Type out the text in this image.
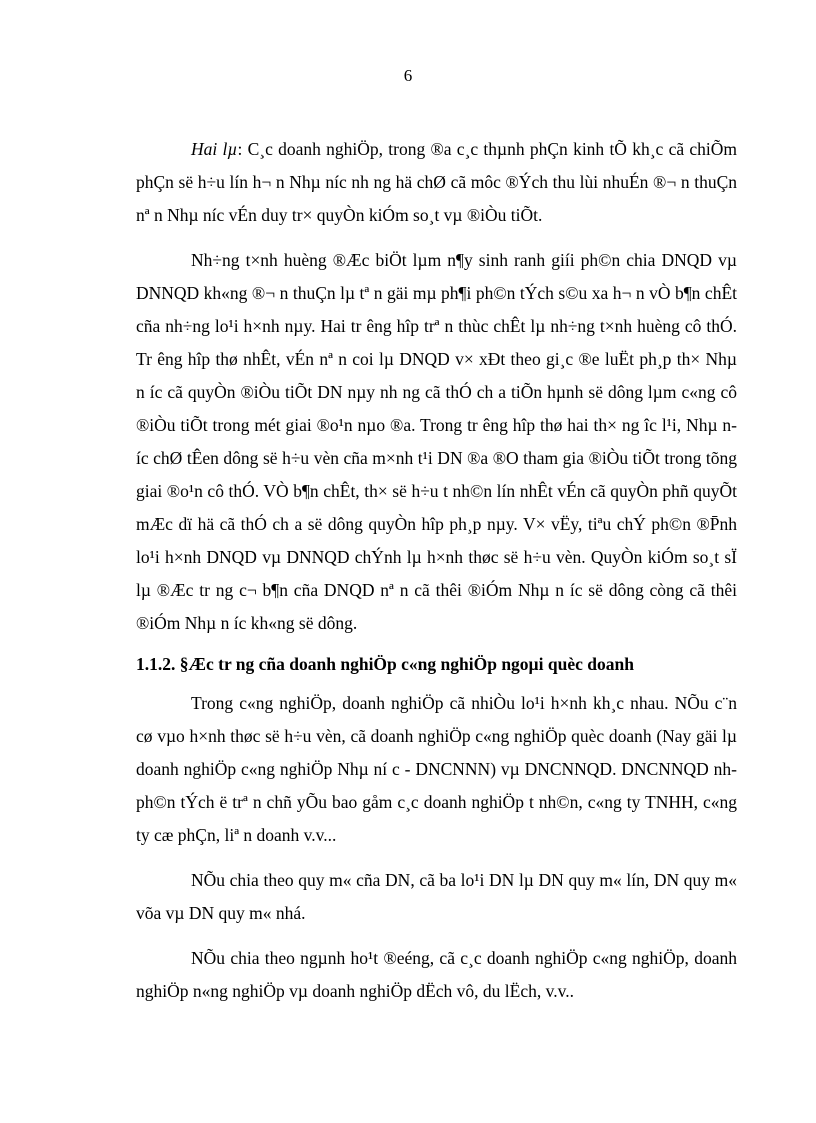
6

Hai lµ: C¸c doanh nghiÖp, trong ®a c¸c thµnh phÇn kinh tÕ kh¸c cã chiÕm phÇn së h÷u lín h¬ n Nhµ níc nh ng hä chØ cã môc ®Ých thu lùi nhuÉn ®¬ n thuÇn nª n Nhµ níc vÉn duy tr× quyÒn kiÓm so¸t vµ ®iÒu tiÕt.

Nh÷ng t×nh huèng ®Æc biÖt lµm n¶y sinh ranh giíi ph©n chia DNQD vµ DNNQD kh«ng ®¬ n thuÇn lµ tª n gäi mµ ph¶i ph©n tÝch s©u xa h¬ n vÒ b¶n chÊt cña nh÷ng lo¹i h×nh nµy. Hai tr êng hîp trª n thùc chÊt lµ nh÷ng t×nh huèng cô thÓ. Tr êng hîp thø nhÊt, vÉn nª n coi lµ DNQD v× xÐt theo gi¸c ®e luËt ph¸p th× Nhµ n íc cã quyÒn ®iÒu tiÕt DN nµy nh ng cã thÓ ch a tiÕn hµnh së dông lµm c«ng cô ®iÒu tiÕt trong mét giai ®o¹n nµo ®a. Trong tr êng hîp thø hai th× ng îc l¹i, Nhµ n íc chØ tÊen dông së h÷u vèn cña m×nh t¹i DN ®a ®O tham gia ®iÒu tiÕt trong tõng giai ®o¹n cô thÓ. VÒ b¶n chÊt, th× së h÷u t nh©n lín nhÊt vÉn cã quyÒn phñ quyÕt mÆc dï hä cã thÓ ch a së dông quyÒn hîp ph¸p nµy. V× vËy, tiªu chÝ ph©n ®P̄nh lo¹i h×nh DNQD vµ DNNQD chÝnh lµ h×nh thøc së h÷u vèn. QuyÒn kiÓm so¸t sÏ lµ ®Æc tr ng c¬ b¶n cña DNQD nª n cã thêi ®iÓm Nhµ n íc së dông còng cã thêi ®iÓm Nhµ n íc kh«ng së dông.

1.1.2. §Æc tr ng cña doanh nghiÖp c«ng nghiÖp ngoµi quèc doanh

Trong c«ng nghiÖp, doanh nghiÖp cã nhiÒu lo¹i h×nh kh¸c nhau. NÕu c¨n cø vµo h×nh thøc së h÷u vèn, cã doanh nghiÖp c«ng nghiÖp quèc doanh (Nay gäi lµ doanh nghiÖp c«ng nghiÖp Nhµ ní c - DNCNNN) vµ DNCNNQD. DNCNNQD nh ph©n tÝch ë trª n chñ yÕu bao gåm c¸c doanh nghiÖp t nh©n, c«ng ty TNHH, c«ng ty cæ phÇn, liª n doanh v.v...

NÕu chia theo quy m« cña DN, cã ba lo¹i DN lµ DN quy m« lín, DN quy m« võa vµ DN quy m« nhá.

NÕu chia theo ngµnh ho¹t ®eéng, cã c¸c doanh nghiÖp c«ng nghiÖp, doanh nghiÖp n«ng nghiÖp vµ doanh nghiÖp dËch vô, du lËch, v.v..
